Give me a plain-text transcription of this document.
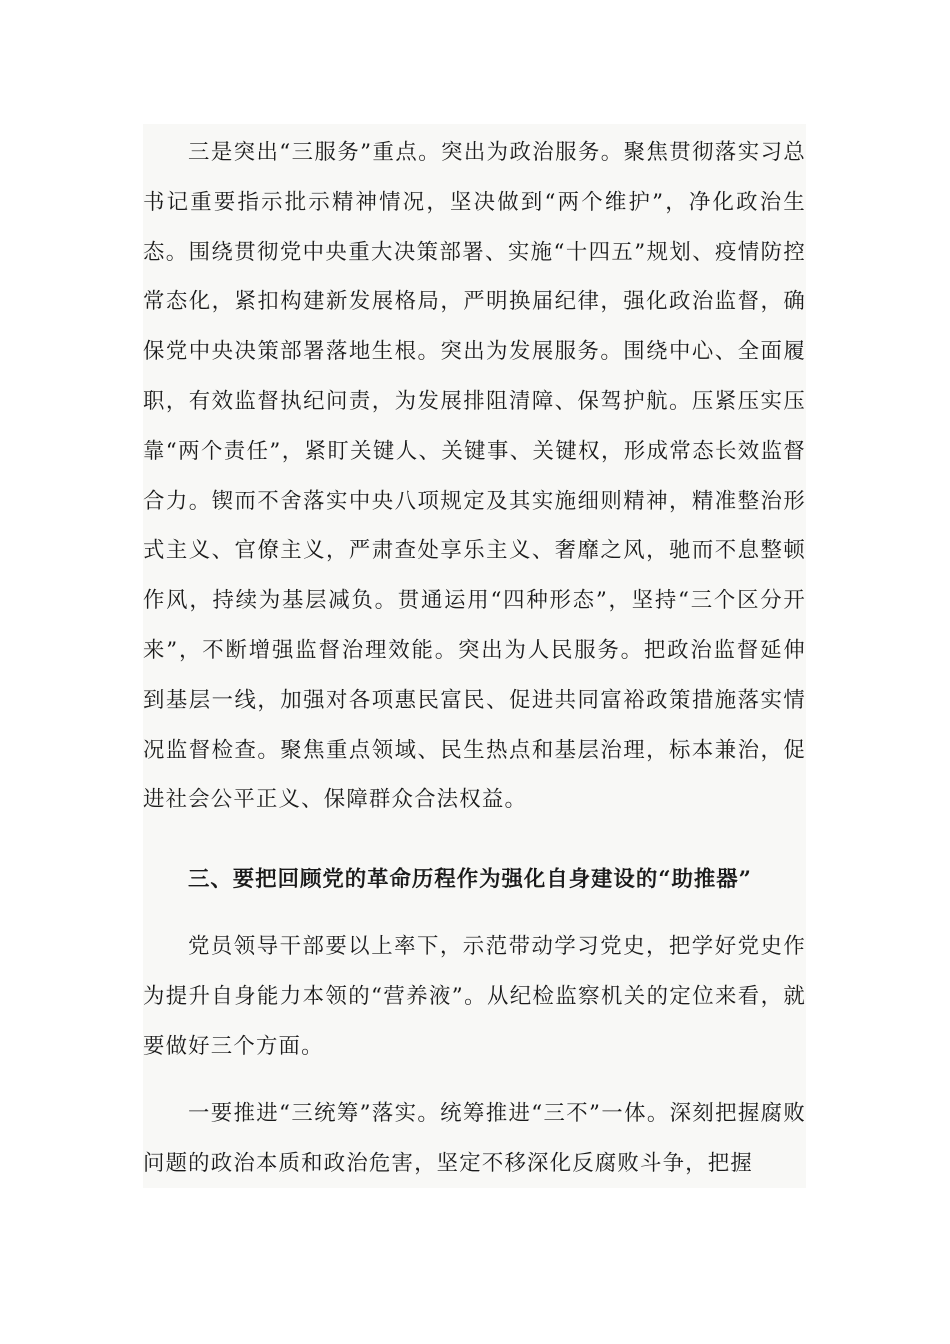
三是突出“三服务”重点。突出为政治服务。聚焦贯彻落实习总书记重要指示批示精神情况，坚决做到“两个维护”，净化政治生态。围绕贯彻党中央重大决策部署、实施“十四五”规划、疫情防控常态化，紧扣构建新发展格局，严明换届纪律，强化政治监督，确保党中央决策部署落地生根。突出为发展服务。围绕中心、全面履职，有效监督执纪问责，为发展排阻清障、保驾护航。压紧压实压靠“两个责任”，紧盯关键人、关键事、关键权，形成常态长效监督合力。锲而不舍落实中央八项规定及其实施细则精神，精准整治形式主义、官僚主义，严肃查处享乐主义、奢靡之风，驰而不息整顿作风，持续为基层减负。贯通运用“四种形态”，坚持“三个区分开来”，不断增强监督治理效能。突出为人民服务。把政治监督延伸到基层一线，加强对各项惠民富民、促进共同富裕政策措施落实情况监督检查。聚焦重点领域、民生热点和基层治理，标本兼治，促进社会公平正义、保障群众合法权益。

三、要把回顾党的革命历程作为强化自身建设的“助推器”

党员领导干部要以上率下，示范带动学习党史，把学好党史作为提升自身能力本领的“营养液”。从纪检监察机关的定位来看，就要做好三个方面。

一要推进“三统筹”落实。统筹推进“三不”一体。深刻把握腐败问题的政治本质和政治危害，坚定不移深化反腐败斗争，把握
